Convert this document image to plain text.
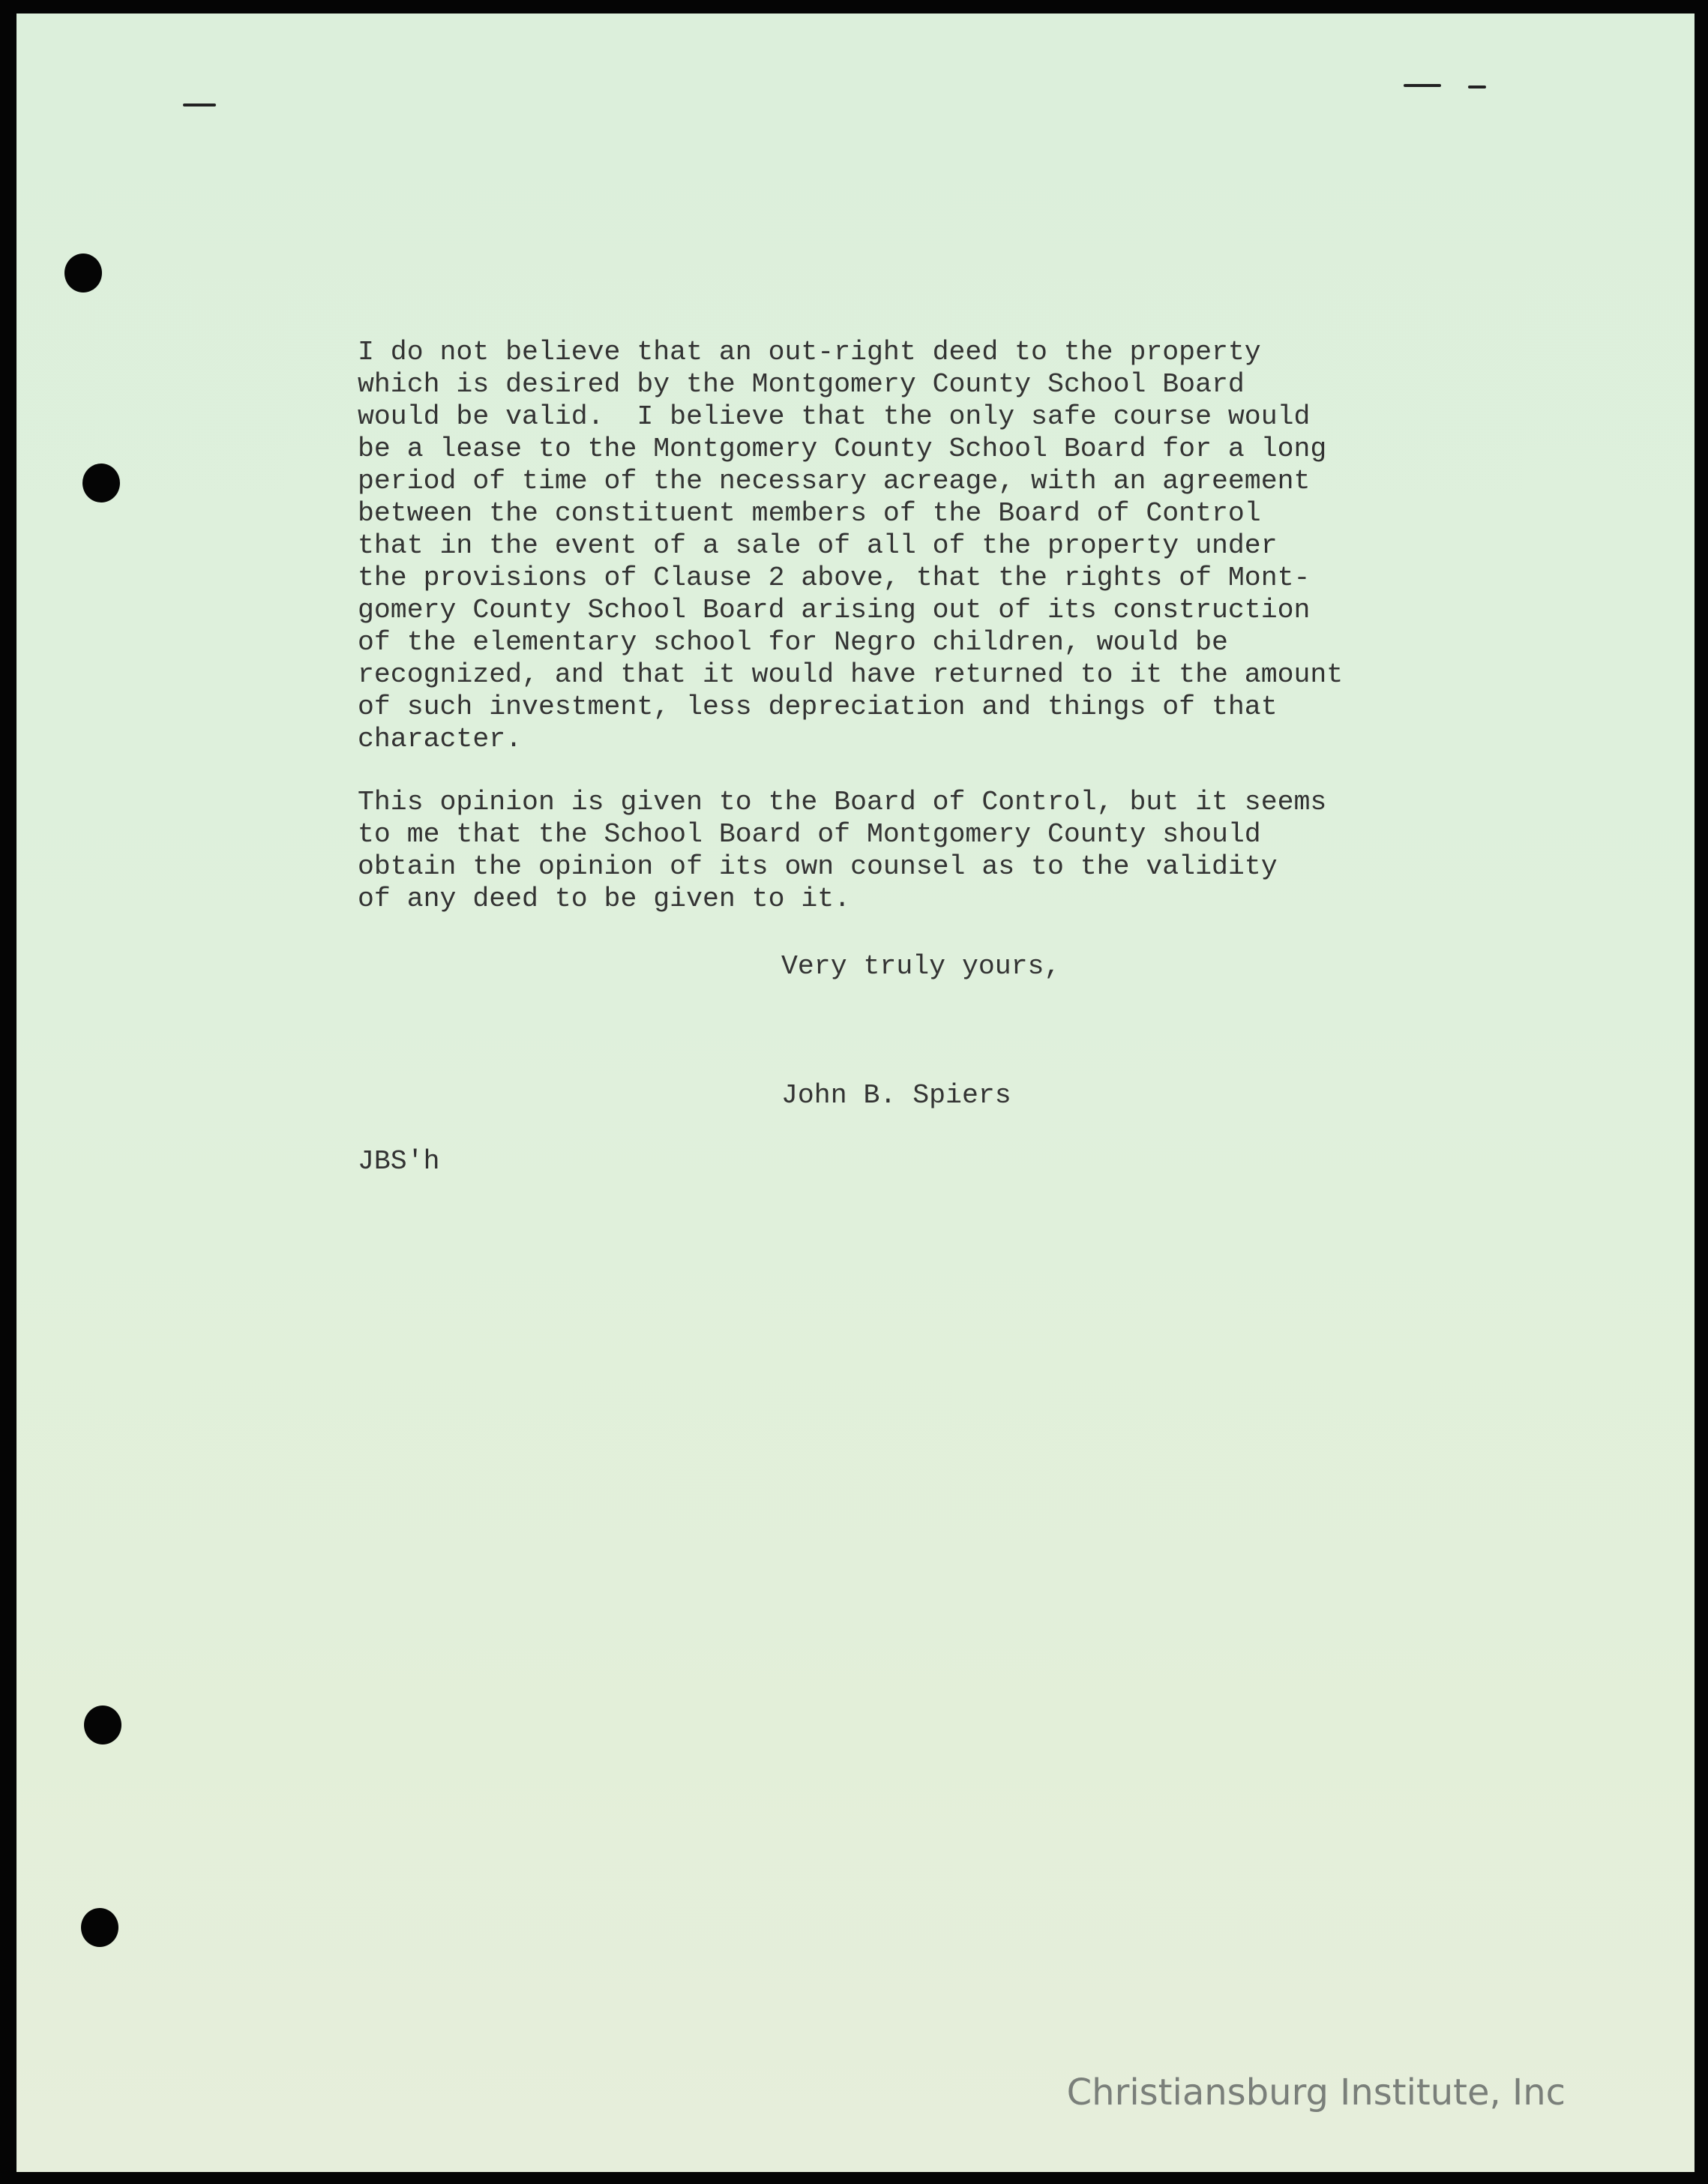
I do not believe that an out-right deed to the property
which is desired by the Montgomery County School Board
would be valid.  I believe that the only safe course would
be a lease to the Montgomery County School Board for a long
period of time of the necessary acreage, with an agreement
between the constituent members of the Board of Control
that in the event of a sale of all of the property under
the provisions of Clause 2 above, that the rights of Mont-
gomery County School Board arising out of its construction
of the elementary school for Negro children, would be
recognized, and that it would have returned to it the amount
of such investment, less depreciation and things of that
character.
This opinion is given to the Board of Control, but it seems
to me that the School Board of Montgomery County should
obtain the opinion of its own counsel as to the validity
of any deed to be given to it.
Very truly yours,
John B. Spiers
JBS'h
Christiansburg Institute, Inc
